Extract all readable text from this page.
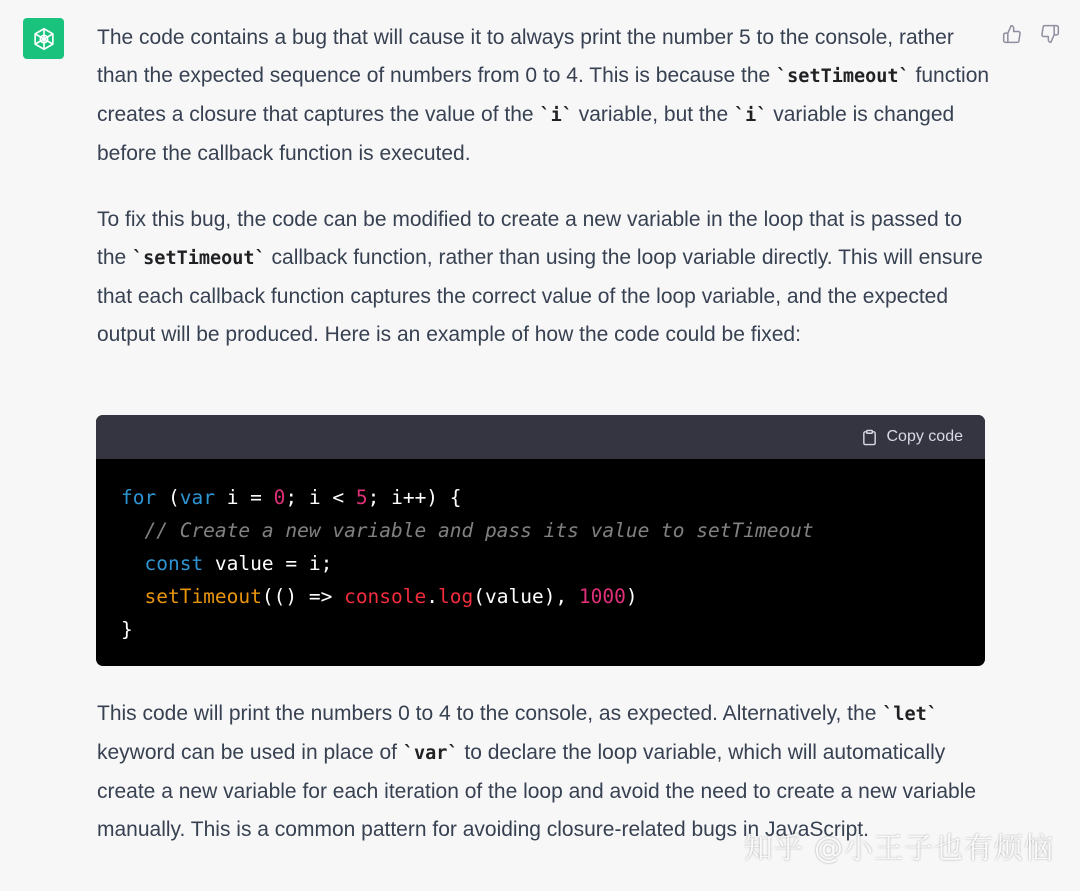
The code contains a bug that will cause it to always print the number 5 to the console, rather than the expected sequence of numbers from 0 to 4. This is because the `setTimeout` function creates a closure that captures the value of the `i` variable, but the `i` variable is changed before the callback function is executed.

To fix this bug, the code can be modified to create a new variable in the loop that is passed to the `setTimeout` callback function, rather than using the loop variable directly. This will ensure that each callback function captures the correct value of the loop variable, and the expected output will be produced. Here is an example of how the code could be fixed:

Copy code
for (var i = 0; i < 5; i++) {
// Create a new variable and pass its value to setTimeout
const value = i;
setTimeout(() => console.log(value), 1000)
}

This code will print the numbers 0 to 4 to the console, as expected. Alternatively, the `let` keyword can be used in place of `var` to declare the loop variable, which will automatically create a new variable for each iteration of the loop and avoid the need to create a new variable manually. This is a common pattern for avoiding closure-related bugs in JavaScript.

知乎 @小王子也有烦恼
